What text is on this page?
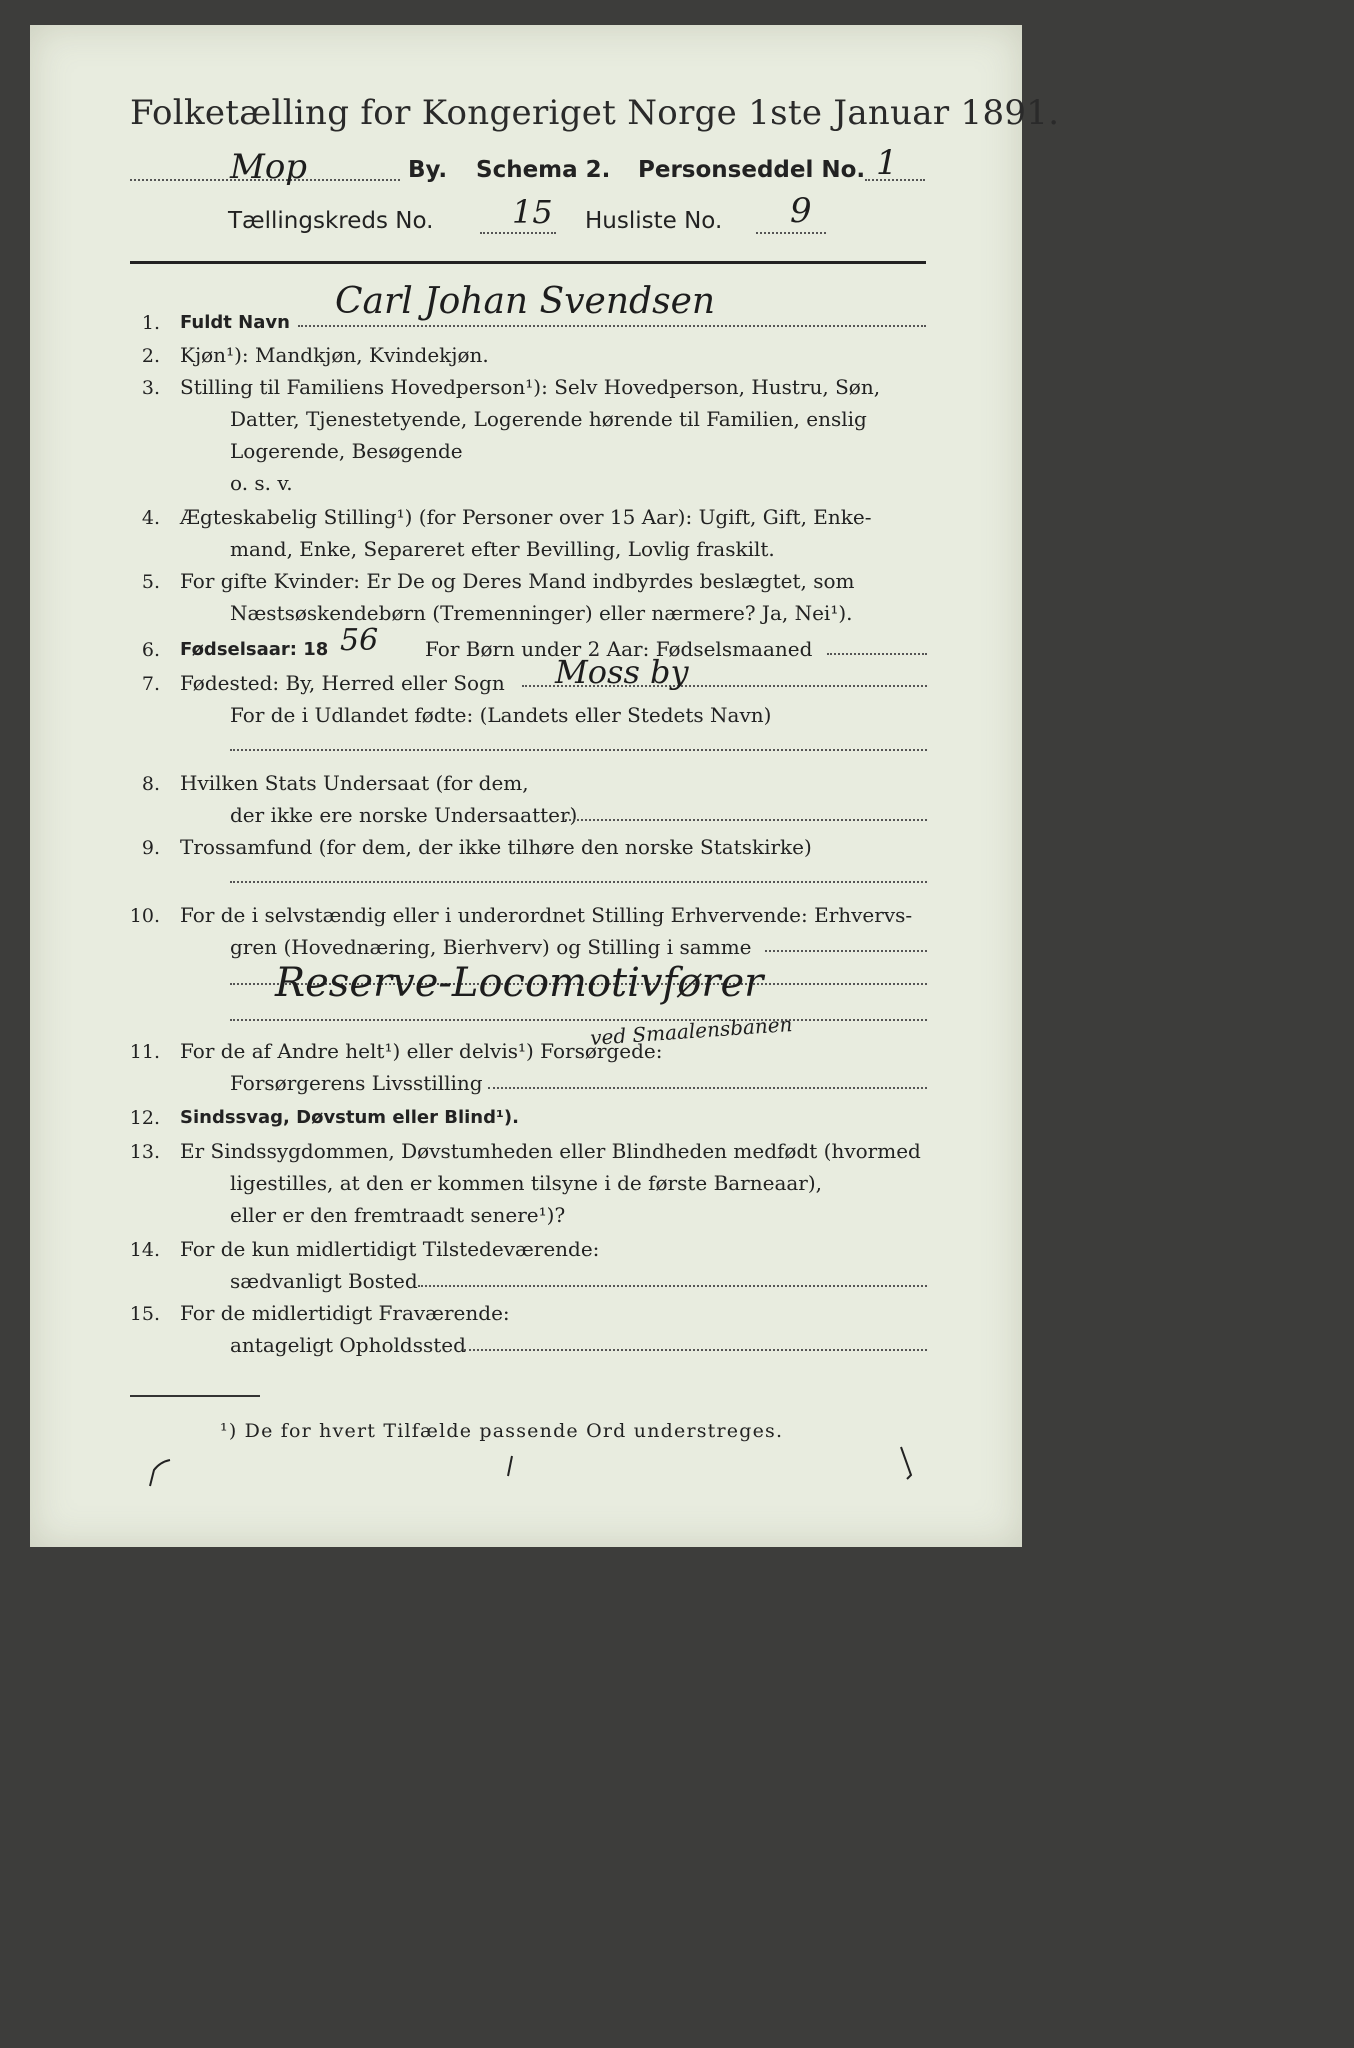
Folketælling for Kongeriget Norge 1ste Januar 1891.
Mop	By. Schema 2. Personseddel No. 1
Tællingskreds No. 15 Husliste No. 9
1. Fuldt Navn
Carl Johan Svendsen
2. Kjøn¹): Mandkjøn, Kvindekjøn.
3. Stilling til Familiens Hovedperson¹): Selv Hovedperson, Hustru, Søn,
Datter, Tjenestetyende, Logerende hørende til Familien, enslig
Logerende, Besøgende
o. s. v.
4. Ægteskabelig Stilling¹) (for Personer over 15 Aar): Ugift, Gift, Enke-
mand, Enke, Separeret efter Bevilling, Lovlig fraskilt.
5. For gifte Kvinder: Er De og Deres Mand indbyrdes beslægtet, som
Næstsøskendebørn (Tremenninger) eller nærmere? Ja, Nei¹).
6. Fødselsaar: 18 56 For Børn under 2 Aar: Fødselsmaaned
7. Fødested: By, Herred eller Sogn Moss by
For de i Udlandet fødte: (Landets eller Stedets Navn)
8. Hvilken Stats Undersaat (for dem,
der ikke ere norske Undersaatter)
9. Trossamfund (for dem, der ikke tilhøre den norske Statskirke)
10. For de i selvstændig eller i underordnet Stilling Erhvervende: Erhvervs-
gren (Hovednæring, Bierhverv) og Stilling i samme
Reserve-Locomotivfører
ved Smaalensbanen
11. For de af Andre helt¹) eller delvis¹) Forsørgede:
Forsørgerens Livsstilling
12. Sindssvag, Døvstum eller Blind¹).
13. Er Sindssygdommen, Døvstumheden eller Blindheden medfødt (hvormed
ligestilles, at den er kommen tilsyne i de første Barneaar),
eller er den fremtraadt senere¹)?
14. For de kun midlertidigt Tilstedeværende:
sædvanligt Bosted
15. For de midlertidigt Fraværende:
antageligt Opholdssted
¹) De for hvert Tilfælde passende Ord understreges.
